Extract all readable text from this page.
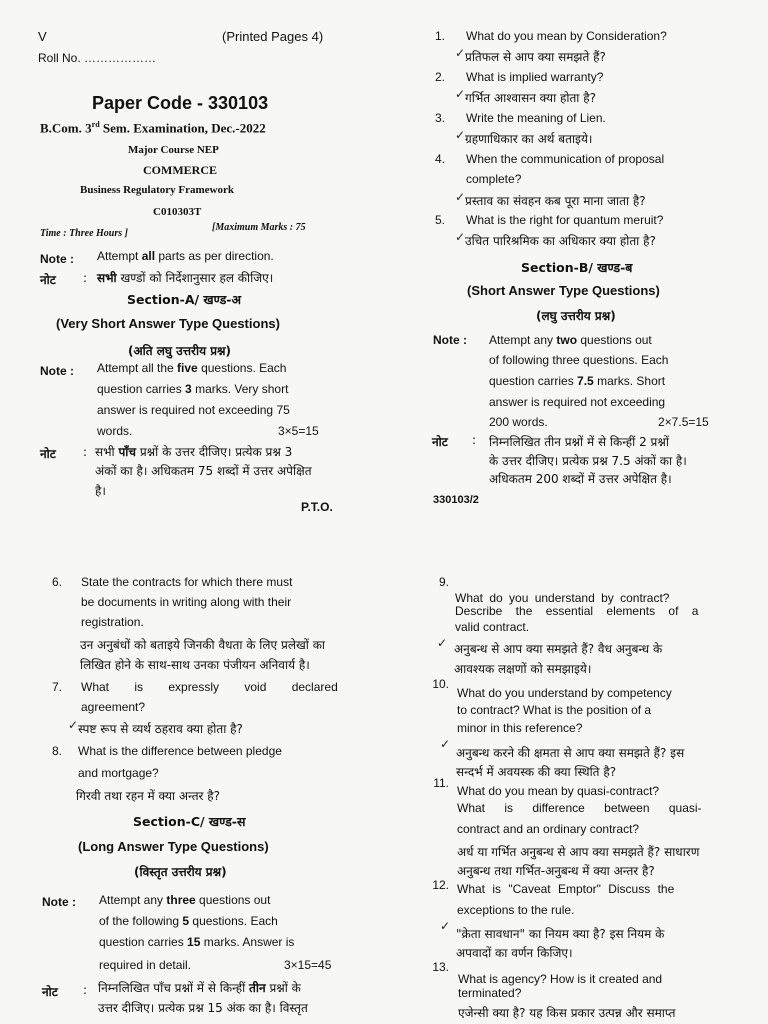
V	(Printed Pages 4)
Roll No. ………………
Paper Code - 330103
B.Com. 3rd Sem. Examination, Dec.-2022
Major Course NEP
COMMERCE
Business Regulatory Framework
C010303T
Time : Three Hours ]
[Maximum Marks : 75
Note : Attempt all parts as per direction.
नोट : सभी खण्डों को निर्देशानुसार हल कीजिए।
Section-A/ खण्ड-अ
(Very Short Answer Type Questions)
(अति लघु उत्तरीय प्रश्न)
Note : Attempt all the five questions. Each
question carries 3 marks. Very short
answer is required not exceeding 75
words.	3×5=15
नोट : सभी पाँच प्रश्नों के उत्तर दीजिए। प्रत्येक प्रश्न 3
अंकों का है। अधिकतम 75 शब्दों में उत्तर अपेक्षित
है।
P.T.O.
1. What do you mean by Consideration?
✓ प्रतिफल से आप क्या समझते हैं?
2. What is implied warranty?
✓ गर्भित आश्वासन क्या होता है?
3. Write the meaning of Lien.
✓ ग्रहणाधिकार का अर्थ बताइये।
4. When the communication of proposal
complete?
✓ प्रस्ताव का संवहन कब पूरा माना जाता है?
5. What is the right for quantum meruit?
✓ उचित पारिश्रमिक का अधिकार क्या होता है?
Section-B/ खण्ड-ब
(Short Answer Type Questions)
(लघु उत्तरीय प्रश्न)
Note : Attempt any two questions out
of following three questions. Each
question carries 7.5 marks. Short
answer is required not exceeding
200 words.	2×7.5=15
नोट : निम्नलिखित तीन प्रश्नों में से किन्हीं 2 प्रश्नों
के उत्तर दीजिए। प्रत्येक प्रश्न 7.5 अंकों का है।
अधिकतम 200 शब्दों में उत्तर अपेक्षित है।
330103/2
6. State the contracts for which there must
be documents in writing along with their
registration.
उन अनुबंधों को बताइये जिनकी वैधता के लिए प्रलेखों का
लिखित होने के साथ-साथ उनका पंजीयन अनिवार्य है।
7. What is expressly void declared
agreement?
✓ स्पष्ट रूप से व्यर्थ ठहराव क्या होता है?
8. What is the difference between pledge
and mortgage?
गिरवी तथा रहन में क्या अन्तर है?
Section-C/ खण्ड-स
(Long Answer Type Questions)
(विस्तृत उत्तरीय प्रश्न)
Note : Attempt any three questions out
of the following 5 questions. Each
question carries 15 marks. Answer is
required in detail.	3×15=45
नोट : निम्नलिखित पाँच प्रश्नों में से किन्हीं तीन प्रश्नों के
उत्तर दीजिए। प्रत्येक प्रश्न 15 अंक का है। विस्तृत
9.
What do you understand by contract?
Describe the essential elements of a
valid contract.
✓ अनुबन्ध से आप क्या समझते हैं? वैध अनुबन्ध के
आवश्यक लक्षणों को समझाइये।
10.
What do you understand by competency
to contract? What is the position of a
minor in this reference?
✓
अनुबन्ध करने की क्षमता से आप क्या समझते हैं? इस
सन्दर्भ में अवयस्क की क्या स्थिति है?
11.
What do you mean by quasi-contract?
What is difference between quasi-
contract and an ordinary contract?
अर्ध या गर्भित अनुबन्ध से आप क्या समझते हैं? साधारण
अनुबन्ध तथा गर्भित-अनुबन्ध में क्या अन्तर है?
12. What is "Caveat Emptor" Discuss the
exceptions to the rule.
✓
"क्रेता सावधान" का नियम क्या है? इस नियम के
अपवादों का वर्णन किजिए।
13.
What is agency? How is it created and
terminated?
एजेन्सी क्या है? यह किस प्रकार उत्पन्न और समाप्त
